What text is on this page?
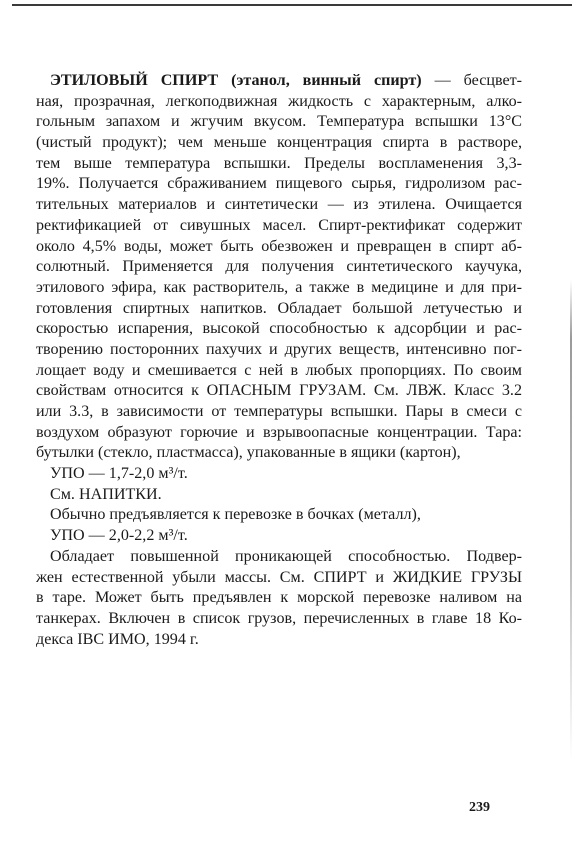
ЭТИЛОВЫЙ СПИРТ (этанол, винный спирт) — бесцвет-
ная, прозрачная, легкоподвижная жидкость с характерным, алко-
гольным запахом и жгучим вкусом. Температура вспышки 13°С
(чистый продукт); чем меньше концентрация спирта в растворе,
тем выше температура вспышки. Пределы воспламенения 3,3-
19%. Получается сбраживанием пищевого сырья, гидролизом рас-
тительных материалов и синтетически — из этилена. Очищается
ректификацией от сивушных масел. Спирт-ректификат содержит
около 4,5% воды, может быть обезвожен и превращен в спирт аб-
солютный. Применяется для получения синтетического каучука,
этилового эфира, как растворитель, а также в медицине и для при-
готовления спиртных напитков. Обладает большой летучестью и
скоростью испарения, высокой способностью к адсорбции и рас-
творению посторонних пахучих и других веществ, интенсивно пог-
лощает воду и смешивается с ней в любых пропорциях. По своим
свойствам относится к ОПАСНЫМ ГРУЗАМ. См. ЛВЖ. Класс 3.2
или 3.3, в зависимости от температуры вспышки. Пары в смеси с
воздухом образуют горючие и взрывоопасные концентрации. Тара:
бутылки (стекло, пластмасса), упакованные в ящики (картон),
УПО — 1,7-2,0 м³/т.
См. НАПИТКИ.
Обычно предъявляется к перевозке в бочках (металл),
УПО — 2,0-2,2 м³/т.
Обладает повышенной проникающей способностью. Подвер-
жен естественной убыли массы. См. СПИРТ и ЖИДКИЕ ГРУЗЫ
в таре. Может быть предъявлен к морской перевозке наливом на
танкерах. Включен в список грузов, перечисленных в главе 18 Ко-
декса IBC ИМО, 1994 г.
239
